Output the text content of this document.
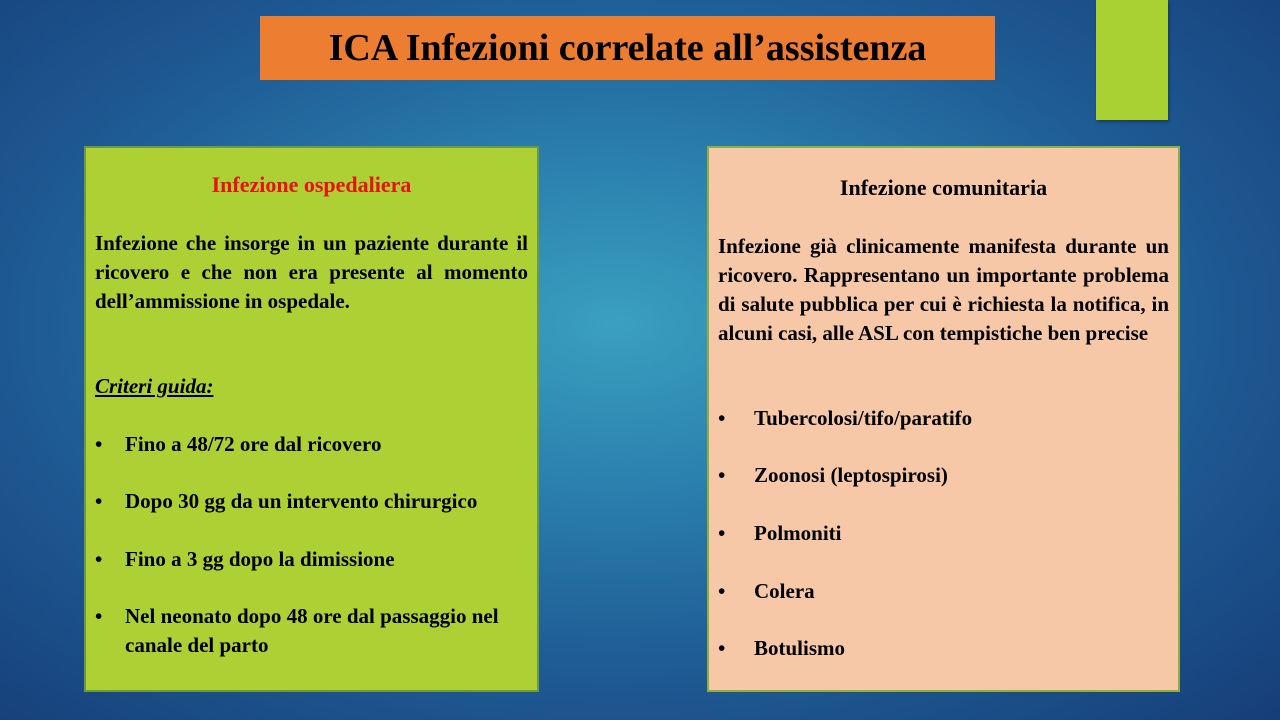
ICA Infezioni correlate all’assistenza
Infezione ospedaliera
Infezione che insorge in un paziente durante il ricovero e che non era presente al momento dell’ammissione in ospedale.
Criteri guida:
•	Fino a 48/72 ore dal ricovero
•	Dopo 30 gg da un intervento chirurgico
•	Fino a 3 gg dopo la dimissione
•	Nel neonato dopo 48 ore dal passaggio nel canale del parto
Infezione comunitaria
Infezione già clinicamente manifesta durante un ricovero. Rappresentano un importante problema di salute pubblica per cui è richiesta la notifica, in alcuni casi, alle ASL con tempistiche ben precise
•	Tubercolosi/tifo/paratifo
•	Zoonosi (leptospirosi)
•	Polmoniti
•	Colera
•	Botulismo
